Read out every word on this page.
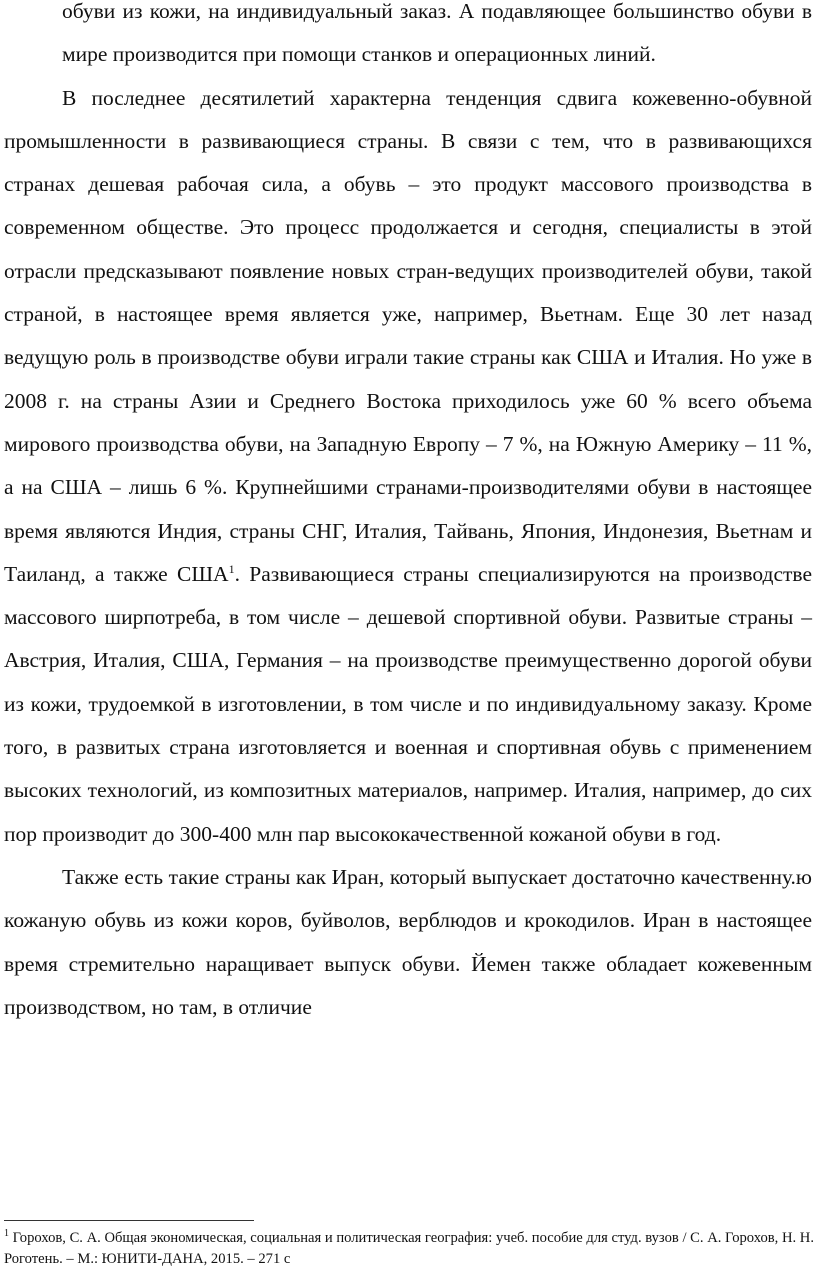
обуви из кожи, на индивидуальный заказ. А подавляющее большинство обуви в мире производится при помощи станков и операционных линий.

В последнее десятилетий характерна тенденция сдвига кожевенно-обувной промышленности в развивающиеся страны. В связи с тем, что в развивающихся странах дешевая рабочая сила, а обувь – это продукт массового производства в современном обществе. Это процесс продолжается и сегодня, специалисты в этой отрасли предсказывают появление новых стран-ведущих производителей обуви, такой страной, в настоящее время является уже, например, Вьетнам. Еще 30 лет назад ведущую роль в производстве обуви играли такие страны как США и Италия. Но уже в 2008 г. на страны Азии и Среднего Востока приходилось уже 60 % всего объема мирового производства обуви, на Западную Европу – 7 %, на Южную Америку – 11 %, а на США – лишь 6 %. Крупнейшими странами-производителями обуви в настоящее время являются Индия, страны СНГ, Италия, Тайвань, Япония, Индонезия, Вьетнам и Таиланд, а также США$^1$. Развивающиеся страны специализируются на производстве массового ширпотреба, в том числе – дешевой спортивной обуви. Развитые страны – Австрия, Италия, США, Германия – на производстве преимущественно дорогой обуви из кожи, трудоемкой в изготовлении, в том числе и по индивидуальному заказу. Кроме того, в развитых страна изготовляется и военная и спортивная обувь с применением высоких технологий, из композитных материалов, например. Италия, например, до сих пор производит до 300-400 млн пар высококачественной кожаной обуви в год.

Также есть такие страны как Иран, который выпускает достаточно качественну.ю кожаную обувь из кожи коров, буйволов, верблюдов и крокодилов. Иран в настоящее время стремительно наращивает выпуск обуви. Йемен также обладает кожевенным производством, но там, в отличие

$^1$ Горохов, С. А. Общая экономическая, социальная и политическая география: учеб. пособие для студ. вузов / С. А. Горохов, Н. Н. Роготень. – М.: ЮНИТИ-ДАНА, 2015. – 271 с
